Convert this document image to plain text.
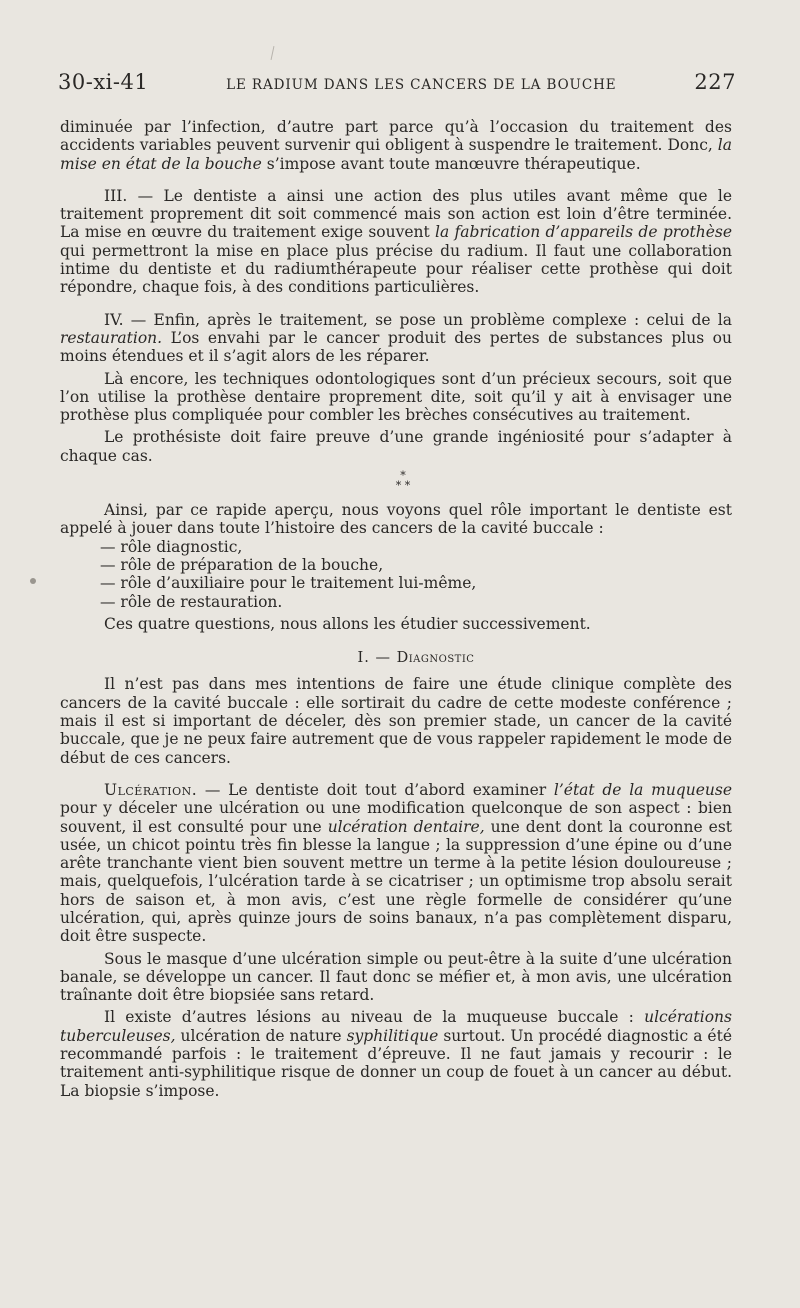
30-xi-41	LE RADIUM DANS LES CANCERS DE LA BOUCHE	227

diminuée par l’infection, d’autre part parce qu’à l’occasion du traitement des accidents variables peuvent survenir qui obligent à suspendre le traitement. Donc, la mise en état de la bouche s’impose avant toute manœuvre thérapeutique.

III. — Le dentiste a ainsi une action des plus utiles avant même que le traitement proprement dit soit commencé mais son action est loin d’être terminée. La mise en œuvre du traitement exige souvent la fabrication d’appareils de prothèse qui permettront la mise en place plus précise du radium. Il faut une collaboration intime du dentiste et du radiumthérapeute pour réaliser cette prothèse qui doit répondre, chaque fois, à des conditions particulières.

IV. — Enfin, après le traitement, se pose un problème complexe : celui de la restauration. L’os envahi par le cancer produit des pertes de substances plus ou moins étendues et il s’agit alors de les réparer.

Là encore, les techniques odontologiques sont d’un précieux secours, soit que l’on utilise la prothèse dentaire proprement dite, soit qu’il y ait à envisager une prothèse plus compliquée pour combler les brèches consécutives au traitement.

Le prothésiste doit faire preuve d’une grande ingéniosité pour s’adapter à chaque cas.

*
* *

Ainsi, par ce rapide aperçu, nous voyons quel rôle important le dentiste est appelé à jouer dans toute l’histoire des cancers de la cavité buccale :

— rôle diagnostic,

— rôle de préparation de la bouche,

— rôle d’auxiliaire pour le traitement lui-même,

— rôle de restauration.

Ces quatre questions, nous allons les étudier successivement.

I. — Diagnostic

Il n’est pas dans mes intentions de faire une étude clinique complète des cancers de la cavité buccale : elle sortirait du cadre de cette modeste conférence ; mais il est si important de déceler, dès son premier stade, un cancer de la cavité buccale, que je ne peux faire autrement que de vous rappeler rapidement le mode de début de ces cancers.

Ulcération. — Le dentiste doit tout d’abord examiner l’état de la muqueuse pour y déceler une ulcération ou une modification quelconque de son aspect : bien souvent, il est consulté pour une ulcération dentaire, une dent dont la couronne est usée, un chicot pointu très fin blesse la langue ; la suppression d’une épine ou d’une arête tranchante vient bien souvent mettre un terme à la petite lésion douloureuse ; mais, quelquefois, l’ulcération tarde à se cicatriser ; un optimisme trop absolu serait hors de saison et, à mon avis, c’est une règle formelle de considérer qu’une ulcération, qui, après quinze jours de soins banaux, n’a pas complètement disparu, doit être suspecte.

Sous le masque d’une ulcération simple ou peut-être à la suite d’une ulcération banale, se développe un cancer. Il faut donc se méfier et, à mon avis, une ulcération traînante doit être biopsiée sans retard.

Il existe d’autres lésions au niveau de la muqueuse buccale : ulcérations tuberculeuses, ulcération de nature syphilitique surtout. Un procédé diagnostic a été recommandé parfois : le traitement d’épreuve. Il ne faut jamais y recourir : le traitement anti-syphilitique risque de donner un coup de fouet à un cancer au début. La biopsie s’impose.
